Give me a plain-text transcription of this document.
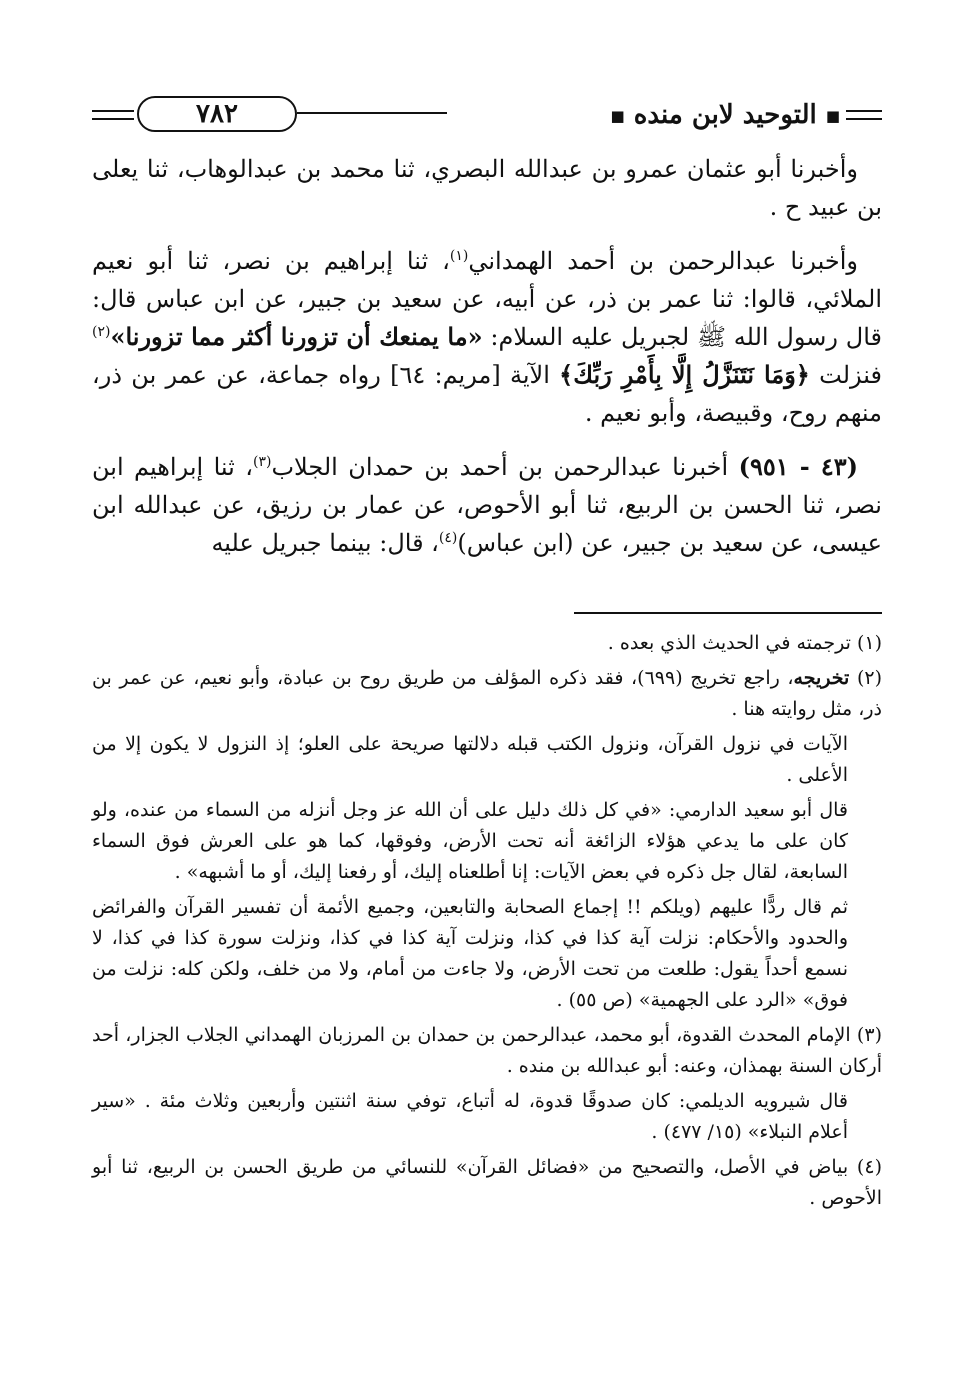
■ التوحيد لابن منده ■
٧٨٢

وأخبرنا أبو عثمان عمرو بن عبدالله البصري، ثنا محمد بن عبدالوهاب، ثنا يعلى بن عبيد ح .

وأخبرنا عبدالرحمن بن أحمد الهمداني$^{(١)}$، ثنا إبراهيم بن نصر، ثنا أبو نعيم الملائي، قالوا: ثنا عمر بن ذر، عن أبيه، عن سعيد بن جبير، عن ابن عباس قال: قال رسول الله ﷺ لجبريل عليه السلام: «ما يمنعك أن تزورنا أكثر مما تزورنا»$^{(٢)}$ فنزلت ﴿وَمَا نَتَنَزَّلُ إِلَّا بِأَمْرِ رَبِّكَ﴾ الآية [مريم: ٦٤] رواه جماعة، عن عمر بن ذر، منهم روح، وقبيصة، وأبو نعيم .

(٤٣ - ٩٥١) أخبرنا عبدالرحمن بن أحمد بن حمدان الجلاب$^{(٣)}$، ثنا إبراهيم ابن نصر، ثنا الحسن بن الربيع، ثنا أبو الأحوص، عن عمار بن رزيق، عن عبدالله ابن عيسى، عن سعيد بن جبير، عن (ابن عباس)$^{(٤)}$، قال: بينما جبريل عليه

(١) ترجمته في الحديث الذي بعده .

(٢) تخريجه، راجع تخريج (٦٩٩)، فقد ذكره المؤلف من طريق روح بن عبادة، وأبو نعيم، عن عمر بن ذر، مثل روايته هنا .

الآيات في نزول القرآن، ونزول الكتب قبله دلالتها صريحة على العلو؛ إذ النزول لا يكون إلا من الأعلى .

قال أبو سعيد الدارمي: «في كل ذلك دليل على أن الله عز وجل أنزله من السماء من عنده، ولو كان على ما يدعي هؤلاء الزائغة أنه تحت الأرض، وفوقها، كما هو على العرش فوق السماء السابعة، لقال جل ذكره في بعض الآيات: إنا أطلعناه إليك، أو رفعنا إليك، أو ما أشبهه» .

ثم قال ردًّا عليهم (ويلكم !! إجماع الصحابة والتابعين، وجميع الأئمة أن تفسير القرآن والفرائض والحدود والأحكام: نزلت آية كذا في كذا، ونزلت آية كذا في كذا، ونزلت سورة كذا في كذا، لا نسمع أحداً يقول: طلعت من تحت الأرض، ولا جاءت من أمام، ولا من خلف، ولكن كله: نزلت من فوق» «الرد على الجهمية» (ص ٥٥) .

(٣) الإمام المحدث القدوة، أبو محمد، عبدالرحمن بن حمدان بن المرزبان الهمداني الجلاب الجزار، أحد أركان السنة بهمذان، وعنه: أبو عبدالله بن منده .

قال شيرويه الديلمي: كان صدوقًا قدوة، له أتباع، توفي سنة اثنتين وأربعين وثلاث مئة . «سير أعلام النبلاء» (١٥/ ٤٧٧) .

(٤) بياض في الأصل، والتصحيح من «فضائل القرآن» للنسائي من طريق الحسن بن الربيع، ثنا أبو الأحوص .
